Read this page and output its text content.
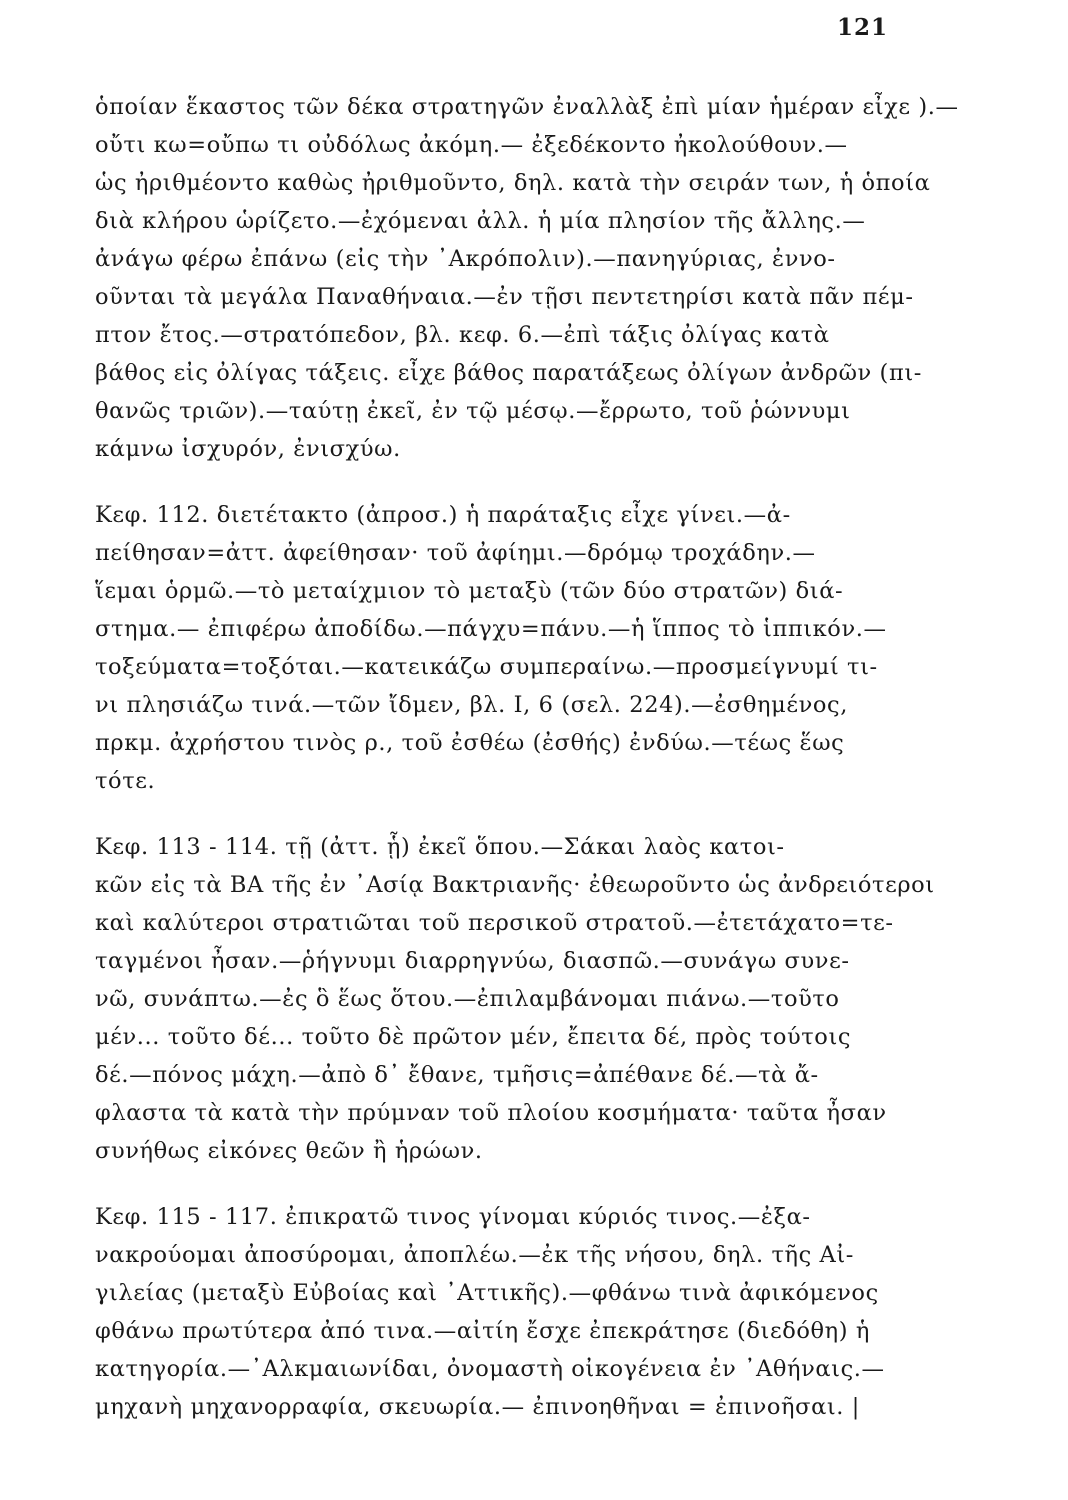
121
ὁποίαν ἕκαστος τῶν δέκα στρατηγῶν ἐναλλὰξ ἐπὶ μίαν ἡμέραν εἶχε ).—
οὔτι κω=οὔπω τι οὐδόλως ἀκόμη.— ἐξεδέκοντο ἠκολούθουν.—
ὡς ἠριθμέοντο καθὼς ἠριθμοῦντο, δηλ. κατὰ τὴν σειράν των, ἡ ὁποία
διὰ κλήρου ὡρίζετο.—ἐχόμεναι ἀλλ. ἡ μία πλησίον τῆς ἄλλης.—
ἀνάγω φέρω ἐπάνω (εἰς τὴν ᾿Ακρόπολιν).—πανηγύριας, ἐννο-
οῦνται τὰ μεγάλα Παναθήναια.—ἐν τῇσι πεντετηρίσι κατὰ πᾶν πέμ-
πτον ἔτος.—στρατόπεδον, βλ. κεφ. 6.—ἐπὶ τάξις ὀλίγας κατὰ
βάθος εἰς ὀλίγας τάξεις. εἶχε βάθος παρατάξεως ὀλίγων ἀνδρῶν (πι-
θανῶς τριῶν).—ταύτῃ ἐκεῖ, ἐν τῷ μέσῳ.—ἔρρωτο, τοῦ ῥώννυμι
κάμνω ἰσχυρόν, ἐνισχύω.
Κεφ. 112. διετέτακτο (ἀπροσ.) ἡ παράταξις εἶχε γίνει.—ἀ-
πείθησαν=ἀττ. ἀφείθησαν· τοῦ ἀφίημι.—δρόμῳ τροχάδην.—
ἵεμαι ὁρμῶ.—τὸ μεταίχμιον τὸ μεταξὺ (τῶν δύο στρατῶν) διά-
στημα.— ἐπιφέρω ἀποδίδω.—πάγχυ=πάνυ.—ἡ ἵππος τὸ ἱππικόν.—
τοξεύματα=τοξόται.—κατεικάζω συμπεραίνω.—προσμείγνυμί τι-
νι πλησιάζω τινά.—τῶν ἴδμεν, βλ. I, 6 (σελ. 224).—ἐσθημένος,
πρκμ. ἀχρήστου τινὸς ρ., τοῦ ἐσθέω (ἐσθής) ἐνδύω.—τέως ἕως
τότε.
Κεφ. 113 - 114. τῇ (ἀττ. ᾗ) ἐκεῖ ὅπου.—Σάκαι λαὸς κατοι-
κῶν εἰς τὰ ΒΑ τῆς ἐν ᾿Ασίᾳ Βακτριανῆς· ἐθεωροῦντο ὡς ἀνδρειότεροι
καὶ καλύτεροι στρατιῶται τοῦ περσικοῦ στρατοῦ.—ἐτετάχατο=τε-
ταγμένοι ἦσαν.—ῥήγνυμι διαρρηγνύω, διασπῶ.—συνάγω συνε-
νῶ, συνάπτω.—ἐς ὃ ἕως ὅτου.—ἐπιλαμβάνομαι πιάνω.—τοῦτο
μέν... τοῦτο δέ... τοῦτο δὲ πρῶτον μέν, ἔπειτα δέ, πρὸς τούτοις
δέ.—πόνος μάχη.—ἀπὸ δ᾿ ἔθανε, τμῆσις=ἀπέθανε δέ.—τὰ ἄ-
φλαστα τὰ κατὰ τὴν πρύμναν τοῦ πλοίου κοσμήματα· ταῦτα ἦσαν
συνήθως εἰκόνες θεῶν ἢ ἡρώων.
Κεφ. 115 - 117. ἐπικρατῶ τινος γίνομαι κύριός τινος.—ἐξα-
νακρούομαι ἀποσύρομαι, ἀποπλέω.—ἐκ τῆς νήσου, δηλ. τῆς Αἰ-
γιλείας (μεταξὺ Εὐβοίας καὶ ᾿Αττικῆς).—φθάνω τινὰ ἀφικόμενος
φθάνω πρωτύτερα ἀπό τινα.—αἰτίη ἔσχε ἐπεκράτησε (διεδόθη) ἡ
κατηγορία.—᾿Αλκμαιωνίδαι, ὀνομαστὴ οἰκογένεια ἐν ᾿Αθήναις.—
μηχανὴ μηχανορραφία, σκευωρία.— ἐπινοηθῆναι = ἐπινοῆσαι. |
